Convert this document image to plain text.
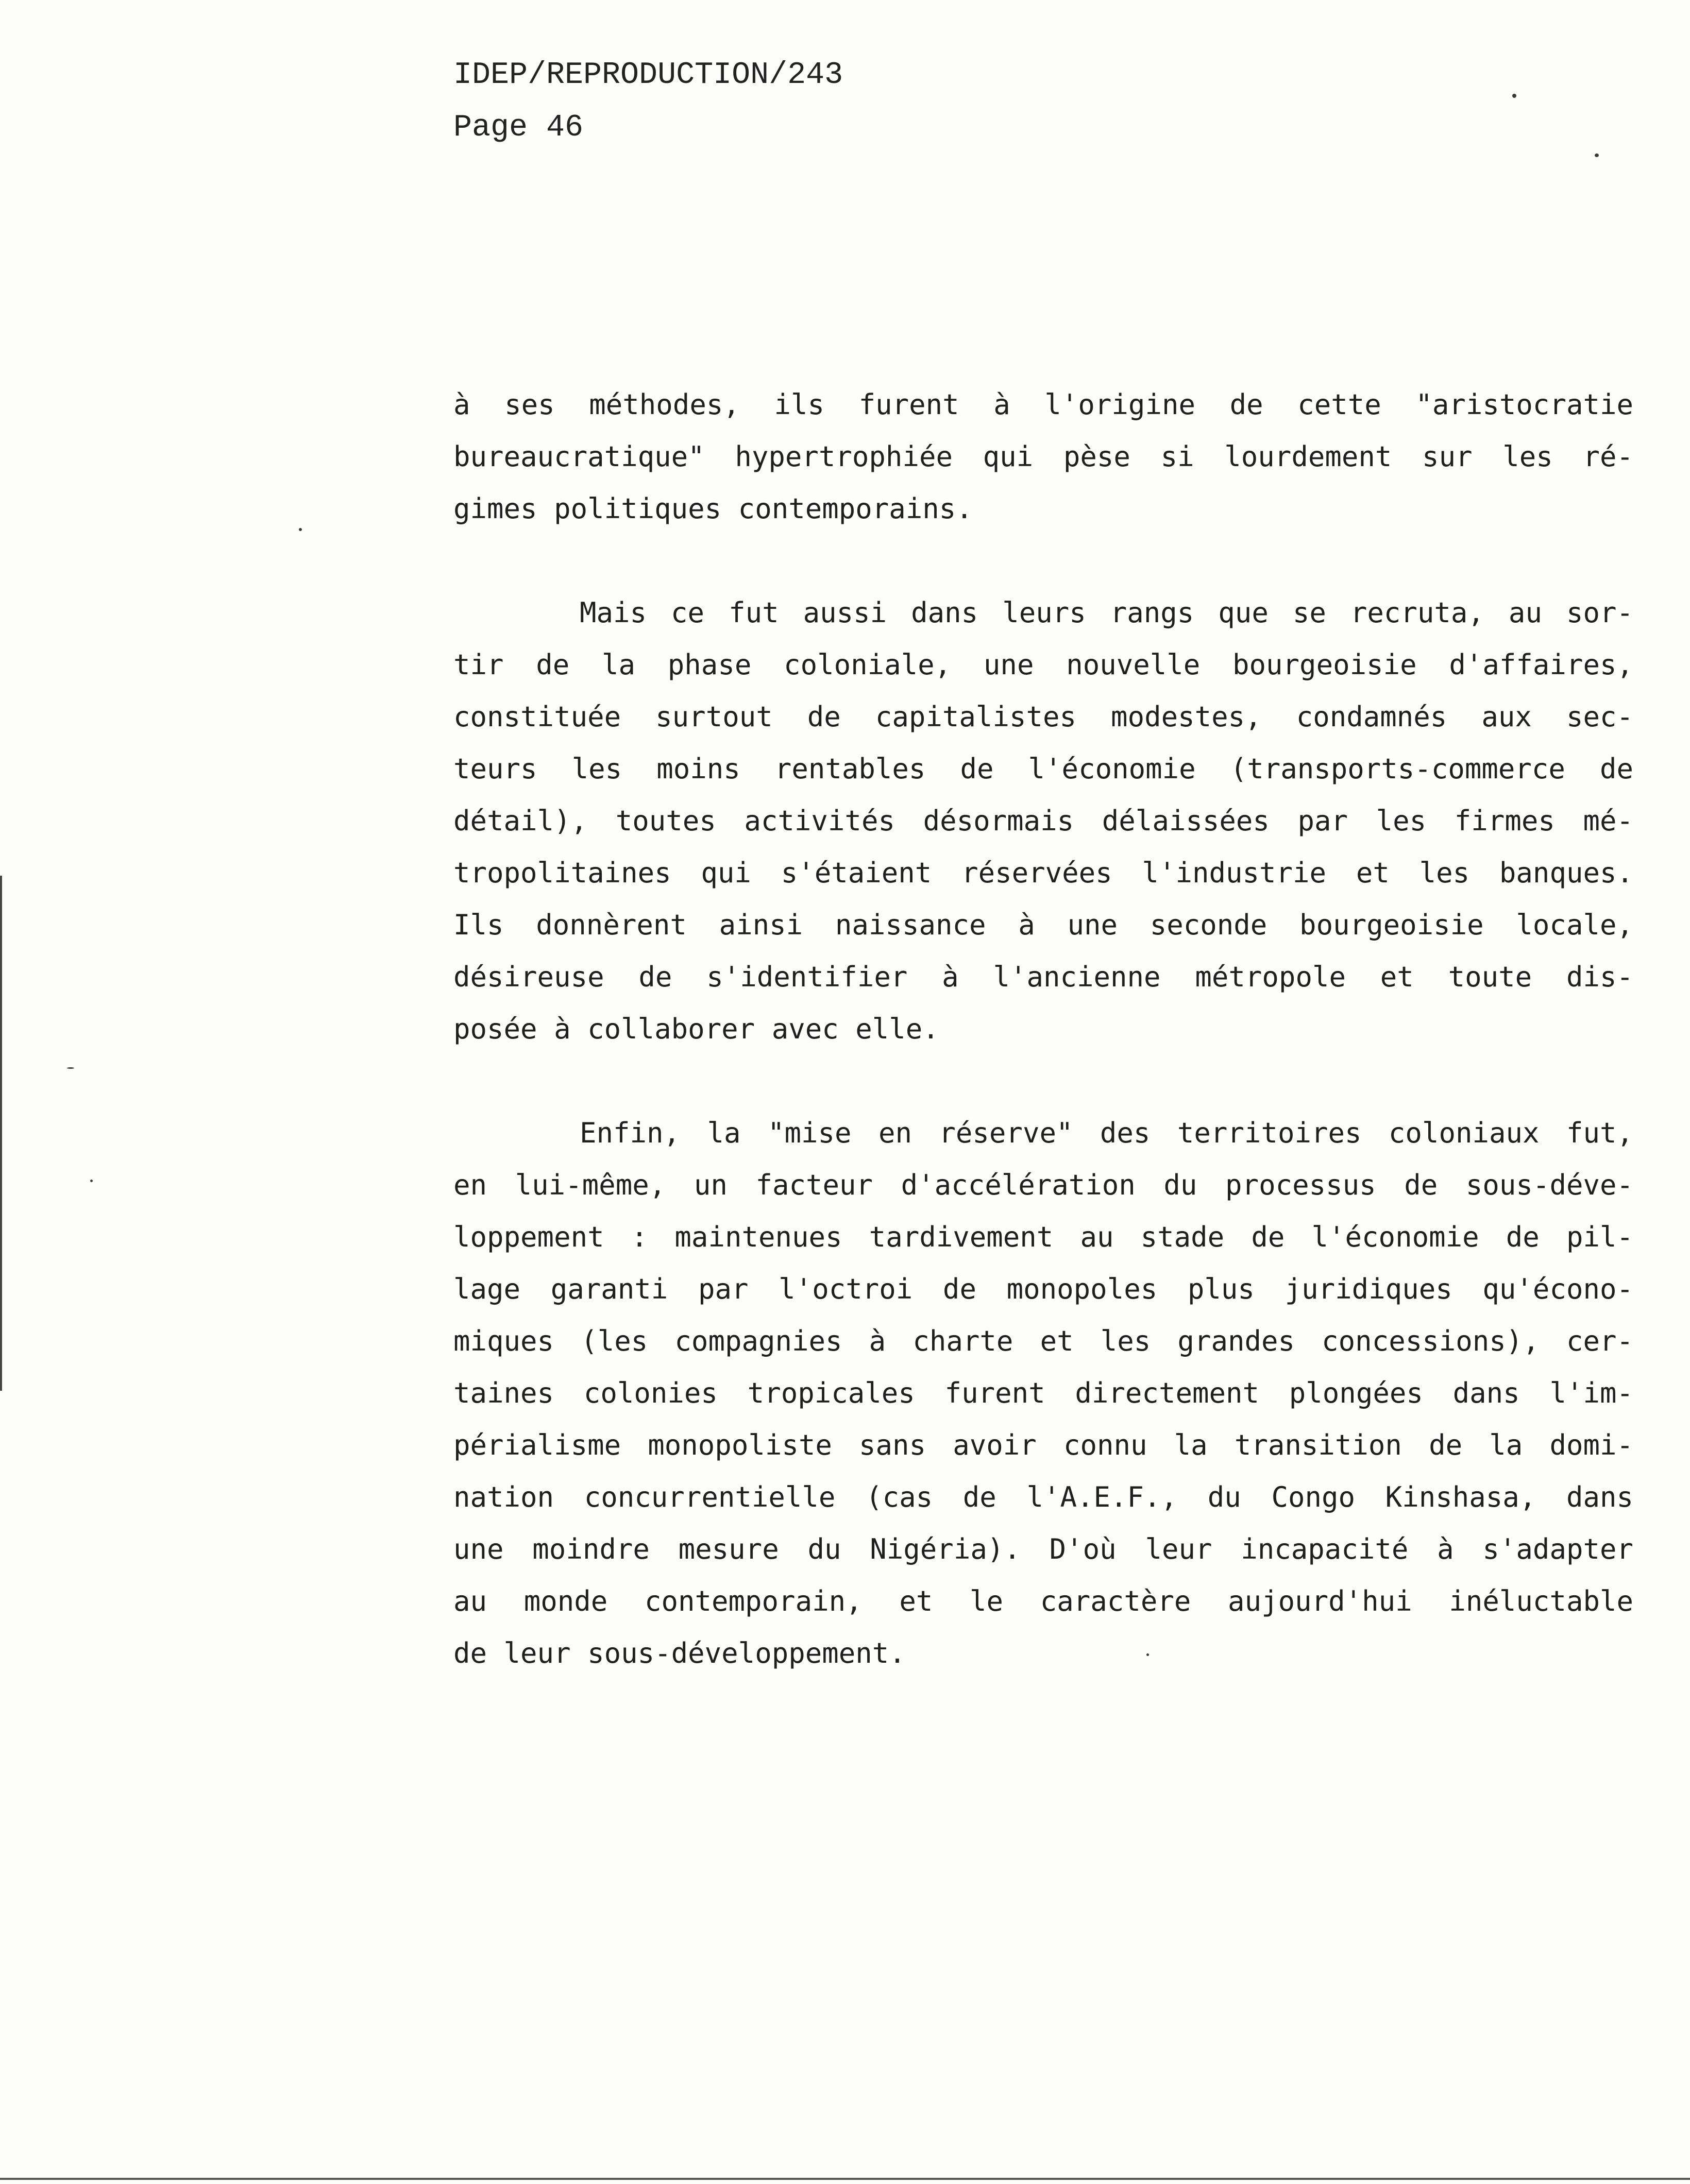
IDEP/REPRODUCTION/243
Page 46
à ses méthodes, ils furent à l'origine de cette "aristocratie
bureaucratique" hypertrophiée qui pèse si lourdement sur les ré-
gimes politiques contemporains.
Mais ce fut aussi dans leurs rangs que se recruta, au sor-
tir de la phase coloniale, une nouvelle bourgeoisie d'affaires,
constituée surtout de capitalistes modestes, condamnés aux sec-
teurs les moins rentables de l'économie (transports-commerce de
détail), toutes activités désormais délaissées par les firmes mé-
tropolitaines qui s'étaient réservées l'industrie et les banques.
Ils donnèrent ainsi naissance à une seconde bourgeoisie locale,
désireuse de s'identifier à l'ancienne métropole et toute dis-
posée à collaborer avec elle.
Enfin, la "mise en réserve" des territoires coloniaux fut,
en lui-même, un facteur d'accélération du processus de sous-déve-
loppement : maintenues tardivement au stade de l'économie de pil-
lage garanti par l'octroi de monopoles plus juridiques qu'écono-
miques (les compagnies à charte et les grandes concessions), cer-
taines colonies tropicales furent directement plongées dans l'im-
périalisme monopoliste sans avoir connu la transition de la domi-
nation concurrentielle (cas de l'A.E.F., du Congo Kinshasa, dans
une moindre mesure du Nigéria). D'où leur incapacité à s'adapter
au monde contemporain, et le caractère aujourd'hui inéluctable
de leur sous-développement.
